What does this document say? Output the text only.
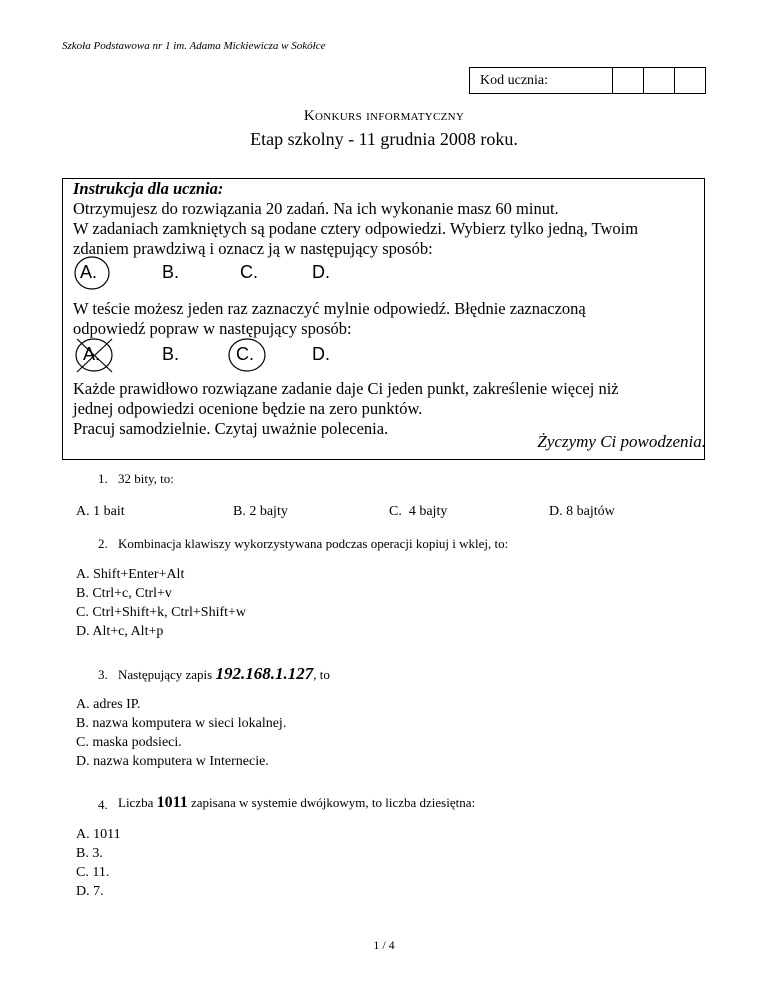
Szkoła Podstawowa nr 1 im. Adama Mickiewicza w Sokółce
Kod ucznia:
Konkurs informatyczny
Etap szkolny - 11 grudnia 2008 roku.
Instrukcja dla ucznia:
Otrzymujesz do rozwiązania 20 zadań. Na ich wykonanie masz 60 minut.
W zadaniach zamkniętych są podane cztery odpowiedzi. Wybierz tylko jedną, Twoim
zdaniem prawdziwą i oznacz ją w następujący sposób:
A.	B.	C.	D.
W teście możesz jeden raz zaznaczyć mylnie odpowiedź. Błędnie zaznaczoną
odpowiedź popraw w następujący sposób:
A.	B.	C.	D.
Każde prawidłowo rozwiązane zadanie daje Ci jeden punkt, zakreślenie więcej niż
jednej odpowiedzi ocenione będzie na zero punktów.
Pracuj samodzielnie. Czytaj uważnie polecenia.
Życzymy Ci powodzenia.
1. 32 bity, to:
A. 1 bait	B. 2 bajty	C.  4 bajty	D. 8 bajtów
2. Kombinacja klawiszy wykorzystywana podczas operacji kopiuj i wklej, to:
A. Shift+Enter+Alt
B. Ctrl+c, Ctrl+v
C. Ctrl+Shift+k, Ctrl+Shift+w
D. Alt+c, Alt+p
3. Następujący zapis 192.168.1.127, to
A. adres IP.
B. nazwa komputera w sieci lokalnej.
C. maska podsieci.
D. nazwa komputera w Internecie.
4. Liczba 1011 zapisana w systemie dwójkowym, to liczba dziesiętna:
A. 1011
B. 3.
C. 11.
D. 7.
1 / 4
